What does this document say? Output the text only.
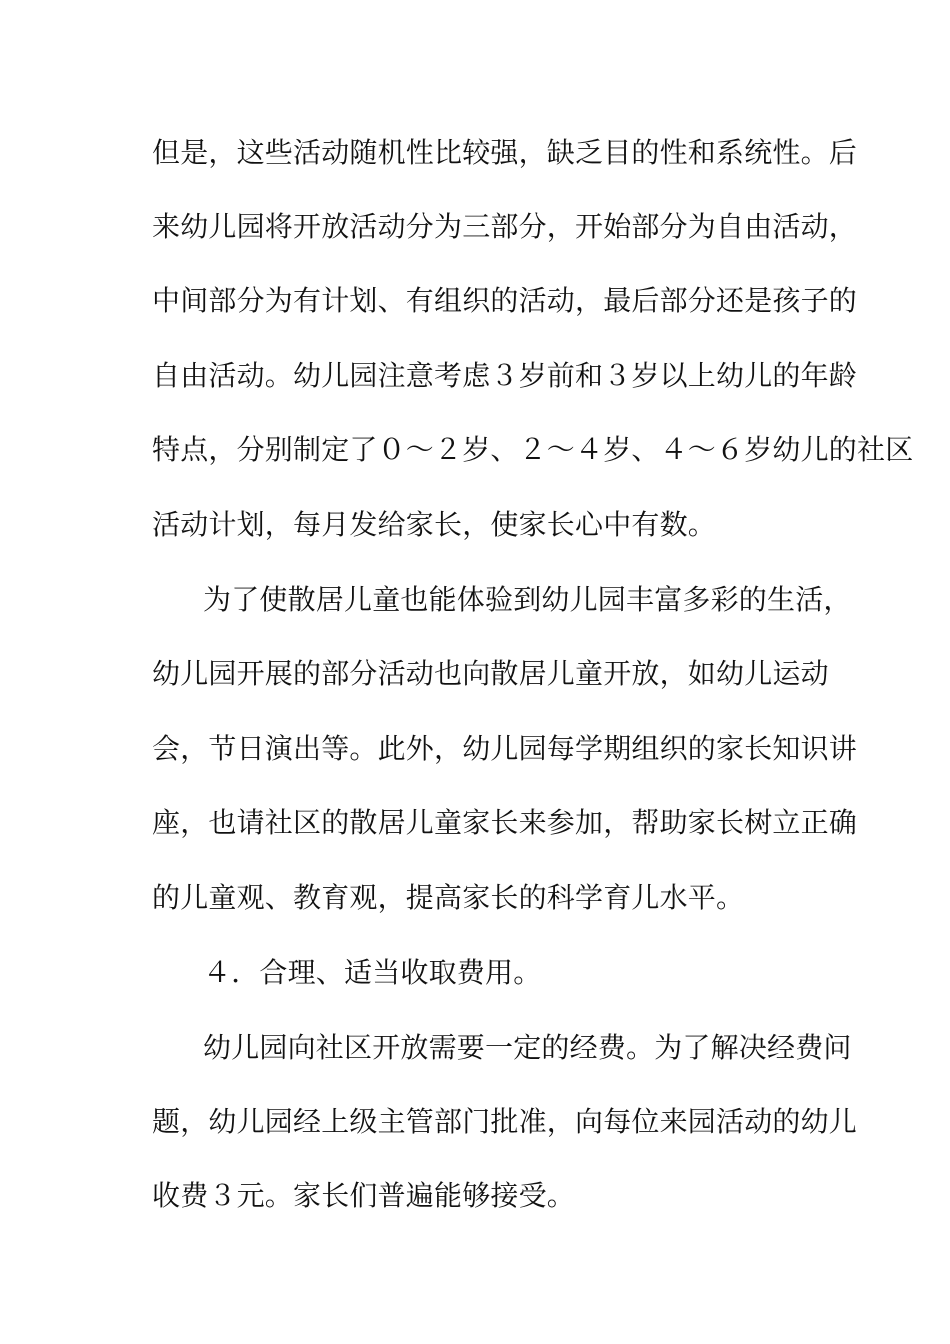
但是，这些活动随机性比较强，缺乏目的性和系统性。后
来幼儿园将开放活动分为三部分，开始部分为自由活动，
中间部分为有计划、有组织的活动，最后部分还是孩子的
自由活动。幼儿园注意考虑３岁前和３岁以上幼儿的年龄
特点，分别制定了０～２岁、２～４岁、４～６岁幼儿的社区
活动计划，每月发给家长，使家长心中有数。
为了使散居儿童也能体验到幼儿园丰富多彩的生活，
幼儿园开展的部分活动也向散居儿童开放，如幼儿运动
会，节日演出等。此外，幼儿园每学期组织的家长知识讲
座，也请社区的散居儿童家长来参加，帮助家长树立正确
的儿童观、教育观，提高家长的科学育儿水平。
４．合理、适当收取费用。
幼儿园向社区开放需要一定的经费。为了解决经费问
题，幼儿园经上级主管部门批准，向每位来园活动的幼儿
收费３元。家长们普遍能够接受。
